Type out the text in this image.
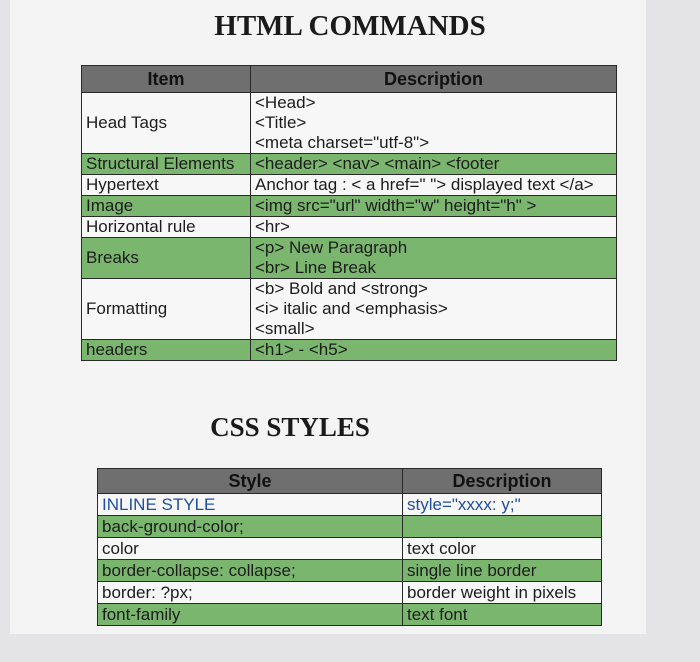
HTML COMMANDS
Item	Description
Head Tags	<Head>
<Title>
<meta charset="utf-8">

Structural Elements	<header> <nav> <main> <footer

Hypertext	Anchor tag : < a href=" "> displayed text </a>

Image	<img src="url" width="w" height="h" >

Horizontal rule	<hr>

Breaks	<p> New Paragraph
<br> Line Break

Formatting	<b> Bold and <strong>
<i> italic and <emphasis>
<small>

headers	<h1> - <h5>
CSS STYLES
Style	Description
INLINE STYLE	style="xxxx: y;"
back-ground-color;	
color	text color
border-collapse: collapse;	single line border
border: ?px;	border weight in pixels
font-family	text font
